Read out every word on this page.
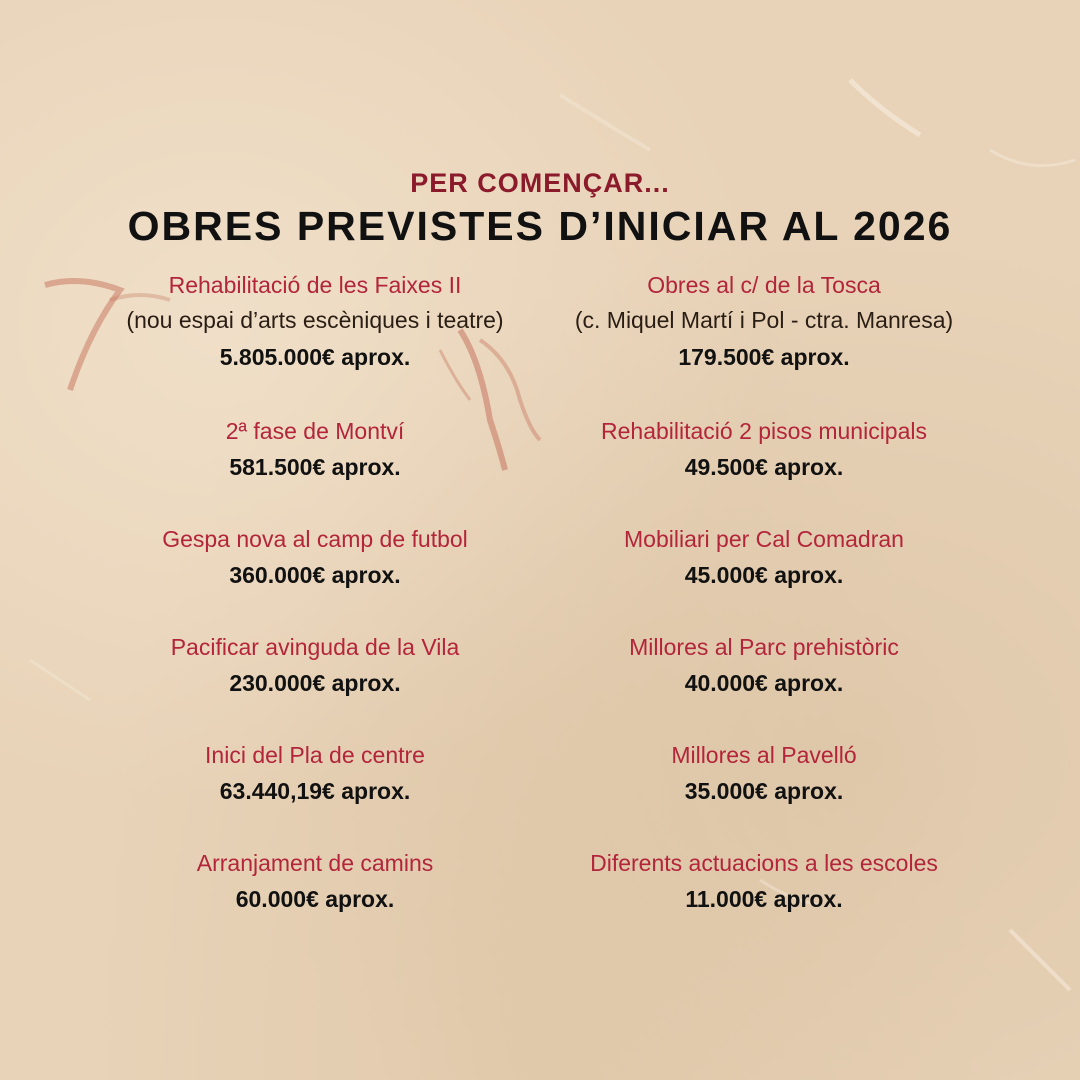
PER COMENÇAR...
OBRES PREVISTES D’INICIAR AL 2026
Rehabilitació de les Faixes II
(nou espai d’arts escèniques i teatre)
5.805.000€ aprox.
2ª fase de Montví
581.500€ aprox.
Gespa nova al camp de futbol
360.000€ aprox.
Pacificar avinguda de la Vila
230.000€ aprox.
Inici del Pla de centre
63.440,19€ aprox.
Arranjament de camins
60.000€ aprox.
Obres al c/ de la Tosca
(c. Miquel Martí i Pol - ctra. Manresa)
179.500€ aprox.
Rehabilitació 2 pisos municipals
49.500€ aprox.
Mobiliari per Cal Comadran
45.000€ aprox.
Millores al Parc prehistòric
40.000€ aprox.
Millores al Pavelló
35.000€ aprox.
Diferents actuacions a les escoles
11.000€ aprox.
